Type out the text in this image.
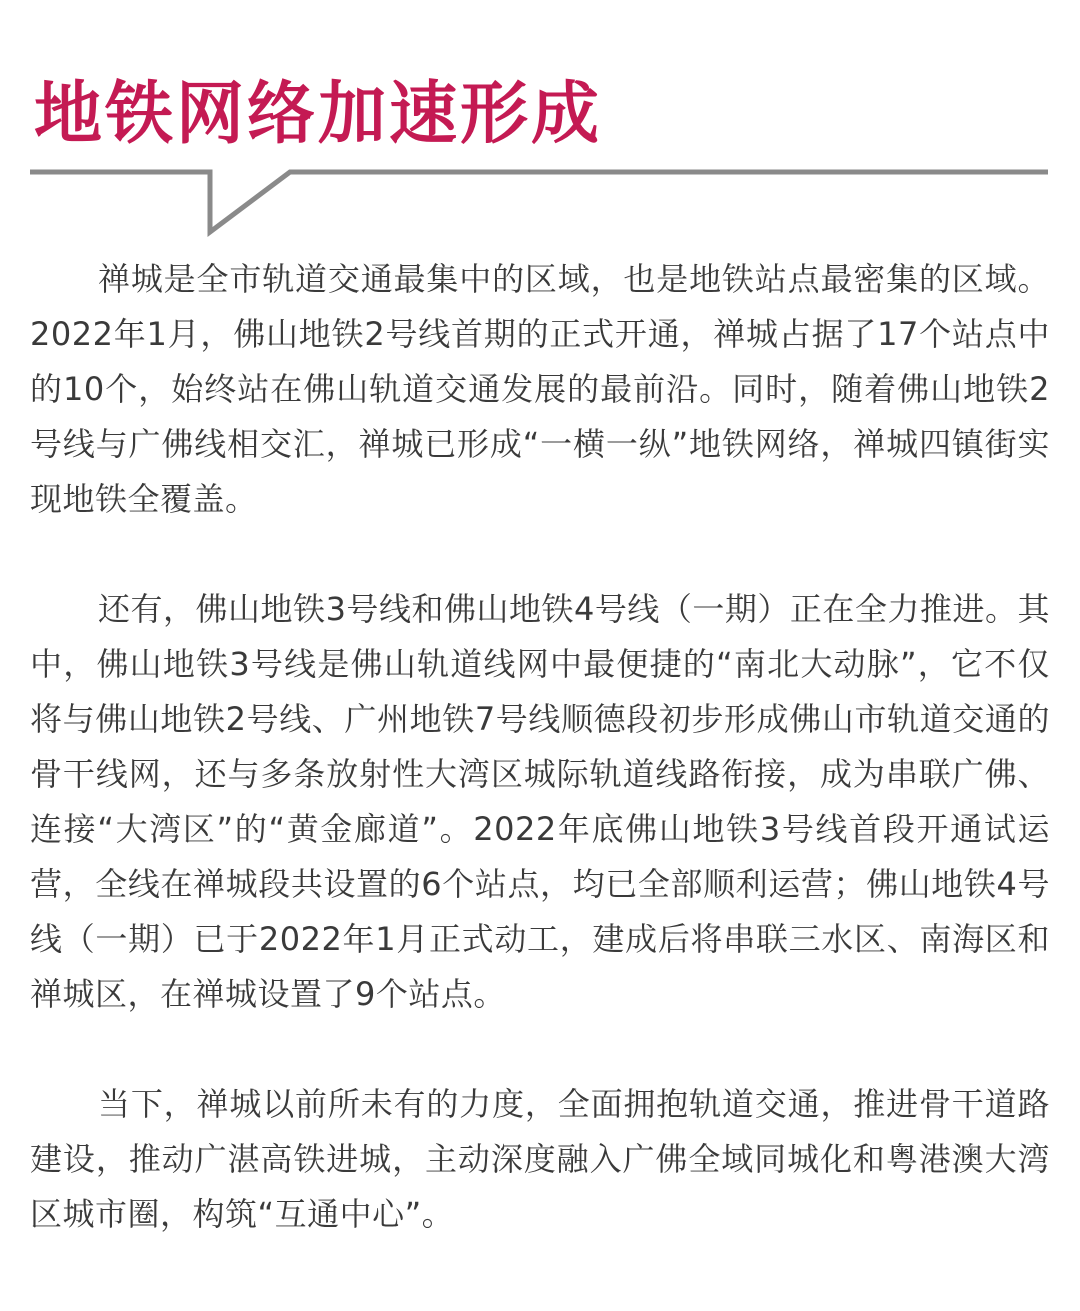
地铁网络加速形成

禅城是全市轨道交通最集中的区域，也是地铁站点最密集的区域。2022年1月，佛山地铁2号线首期的正式开通，禅城占据了17个站点中的10个，始终站在佛山轨道交通发展的最前沿。同时，随着佛山地铁2号线与广佛线相交汇，禅城已形成“一横一纵”地铁网络，禅城四镇街实现地铁全覆盖。

还有，佛山地铁3号线和佛山地铁4号线（一期）正在全力推进。其中，佛山地铁3号线是佛山轨道线网中最便捷的“南北大动脉”，它不仅将与佛山地铁2号线、广州地铁7号线顺德段初步形成佛山市轨道交通的骨干线网，还与多条放射性大湾区城际轨道线路衔接，成为串联广佛、连接“大湾区”的“黄金廊道”。2022年底佛山地铁3号线首段开通试运营，全线在禅城段共设置的6个站点，均已全部顺利运营；佛山地铁4号线（一期）已于2022年1月正式动工，建成后将串联三水区、南海区和禅城区，在禅城设置了9个站点。

当下，禅城以前所未有的力度，全面拥抱轨道交通，推进骨干道路建设，推动广湛高铁进城，主动深度融入广佛全域同城化和粤港澳大湾区城市圈，构筑“互通中心”。
